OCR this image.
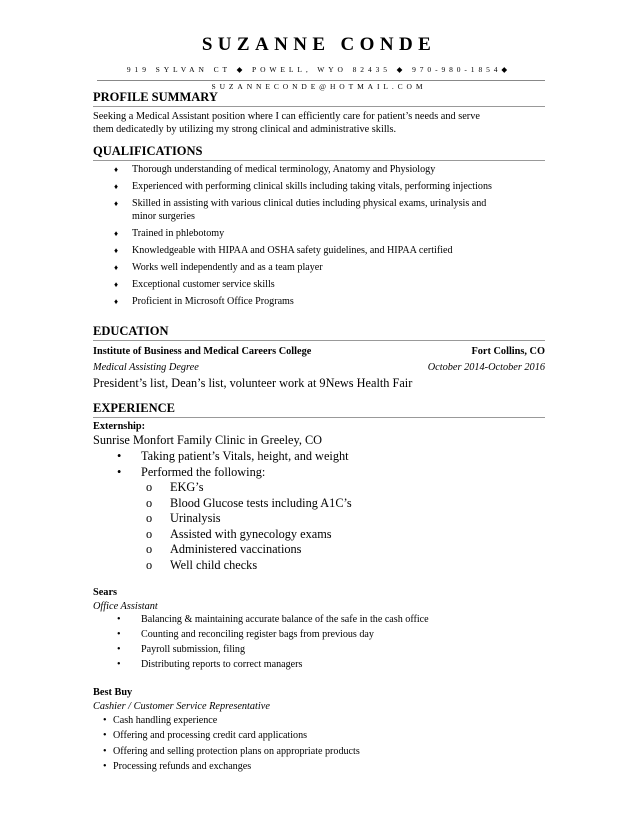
SUZANNE CONDE
919 SYLVAN CT ◆ POWELL, WYO 82435 ◆ 970-980-1854◆
SUZANNECONDE@HOTMAIL.COM
PROFILE SUMMARY
Seeking a Medical Assistant position where I can efficiently care for patient’s needs and serve
them dedicatedly by utilizing my strong clinical and administrative skills.
QUALIFICATIONS
♦ Thorough understanding of medical terminology, Anatomy and Physiology
♦ Experienced with performing clinical skills including taking vitals, performing injections
♦ Skilled in assisting with various clinical duties including physical exams, urinalysis and
minor surgeries
♦ Trained in phlebotomy
♦ Knowledgeable with HIPAA and OSHA safety guidelines, and HIPAA certified
♦ Works well independently and as a team player
♦ Exceptional customer service skills
♦ Proficient in Microsoft Office Programs
EDUCATION
Institute of Business and Medical Careers College	Fort Collins, CO
Medical Assisting Degree	October 2014-October 2016
President’s list, Dean’s list, volunteer work at 9News Health Fair
EXPERIENCE
Externship:
Sunrise Monfort Family Clinic in Greeley, CO
• Taking patient’s Vitals, height, and weight
• Performed the following:
o EKG’s
o Blood Glucose tests including A1C’s
o Urinalysis
o Assisted with gynecology exams
o Administered vaccinations
o Well child checks
Sears
Office Assistant
• Balancing & maintaining accurate balance of the safe in the cash office
• Counting and reconciling register bags from previous day
• Payroll submission, filing
• Distributing reports to correct managers
Best Buy
Cashier / Customer Service Representative
• Cash handling experience
• Offering and processing credit card applications
• Offering and selling protection plans on appropriate products
• Processing refunds and exchanges
